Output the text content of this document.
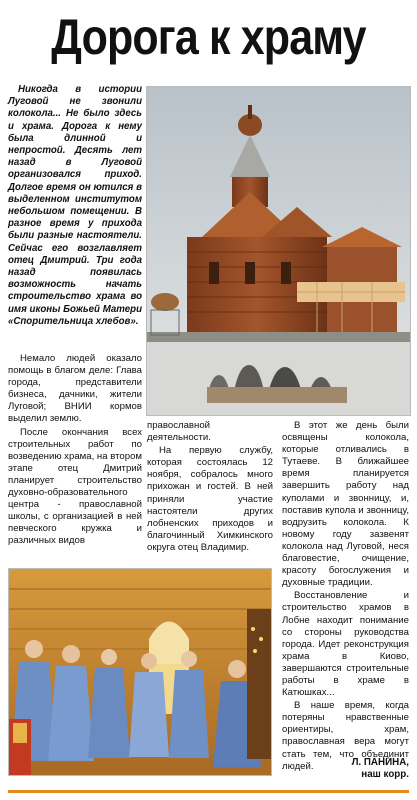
Дорога к храму

Никогда в истории Луговой не звонили колокола... Не было здесь и храма. Дорога к нему была длинной и непростой. Десять лет назад в Луговой организовался приход. Долгое время он ютился в выделенном институтом небольшом помещении. В разное время у прихода были разные настоятели. Сейчас его возглавляет отец Дмитрий. Три года назад появилась возможность начать строительство храма во имя иконы Божьей Матери «Спорительница хлебов».

Немало людей оказало помощь в благом деле: Глава города, представители бизнеса, дачники, жители Луговой; ВНИИ кормов выделил землю.

После окончания всех строительных работ по возведению храма, на втором этапе отец Дмитрий планирует строительство духовно-образовательного центра - православной школы, с организацией в ней певческого кружка и различных видов

православной деятельности.

На первую службу, которая состоялась 12 ноября, собралось много прихожан и гостей. В ней приняли участие настоятели других лобненских приходов и благочинный Химкинского округа отец Владимир.

В этот же день были освящены колокола, которые отливались в Тутаеве. В ближайшее время планируется завершить работу над куполами и звонницу, и, поставив купола и звонницу, водрузить колокола. К новому году зазвенят колокола над Луговой, неся благовестие, очищение, красоту богослужения и духовные традиции.

Восстановление и строительство храмов в Лобне находит понимание со стороны руководства города. Идет реконструкция храма в Киово, завершаются строительные работы в храме в Катюшках...

В наше время, когда потеряны нравственные ориентиры, храм, православная вера могут стать тем, что объединит людей.	Л. ПАНИНА,
наш корр.
